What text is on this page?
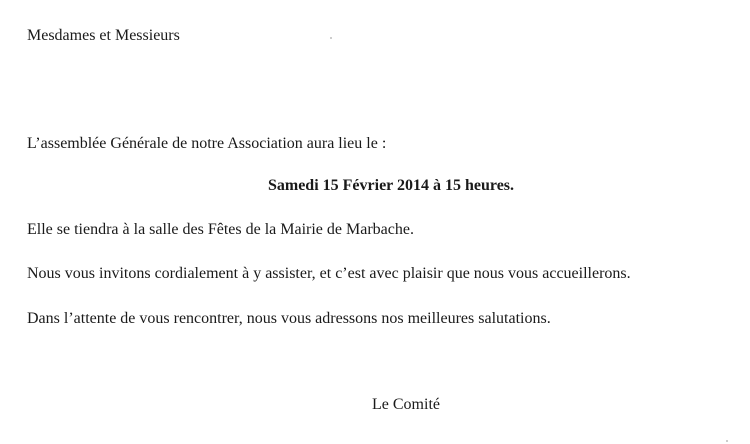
Mesdames et Messieurs
L’assemblée Générale de notre Association aura lieu le :
Samedi 15 Février 2014 à 15 heures.
Elle se tiendra à la salle des Fêtes de la Mairie de Marbache.
Nous vous invitons cordialement à y assister, et c’est avec plaisir que nous vous accueillerons.
Dans l’attente de vous rencontrer, nous vous adressons nos meilleures salutations.
Le Comité
